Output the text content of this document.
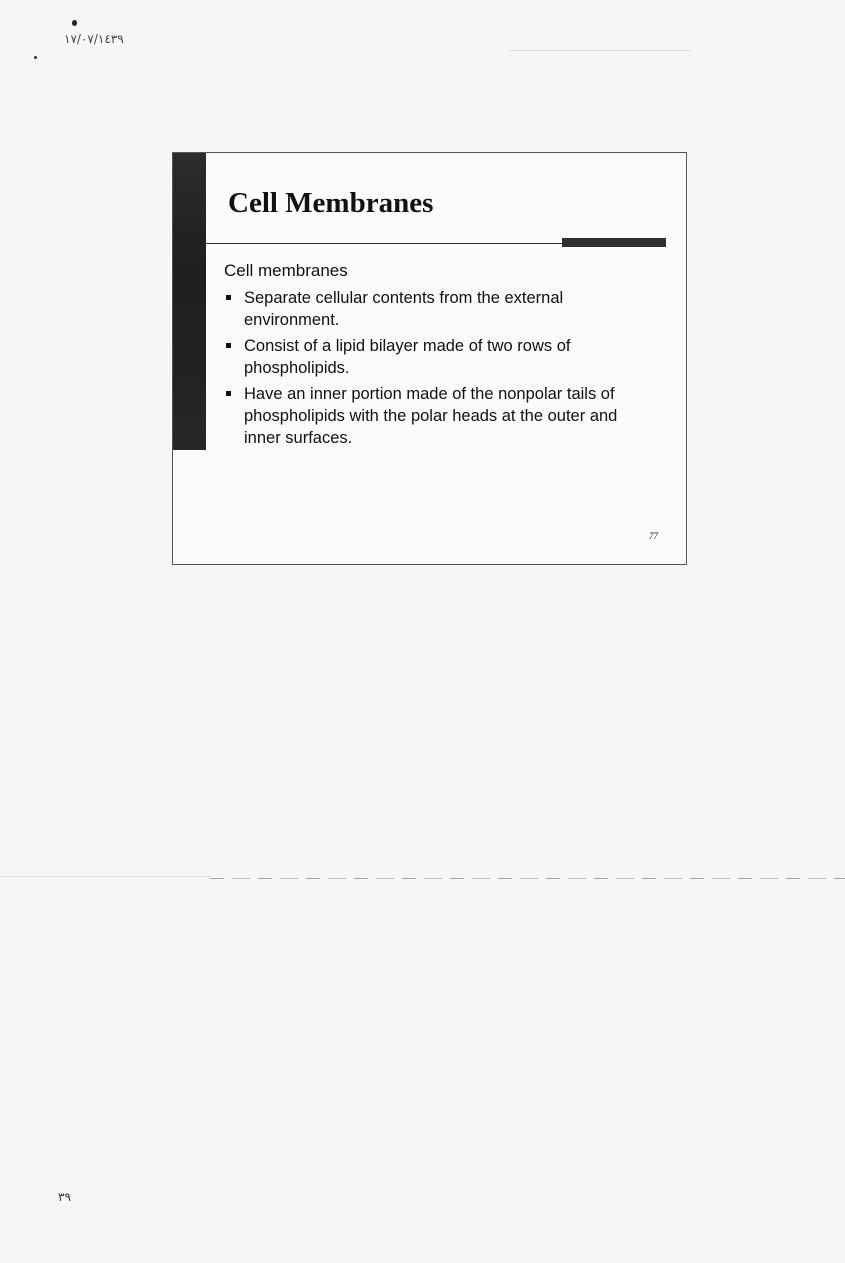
١٧/٠٧/١٤٣٩
Cell Membranes

Cell membranes

Separate cellular contents from the external environment.
Consist of a lipid bilayer made of two rows of phospholipids.
Have an inner portion made of the nonpolar tails of phospholipids with the polar heads at the outer and inner surfaces.
77
٣٩
